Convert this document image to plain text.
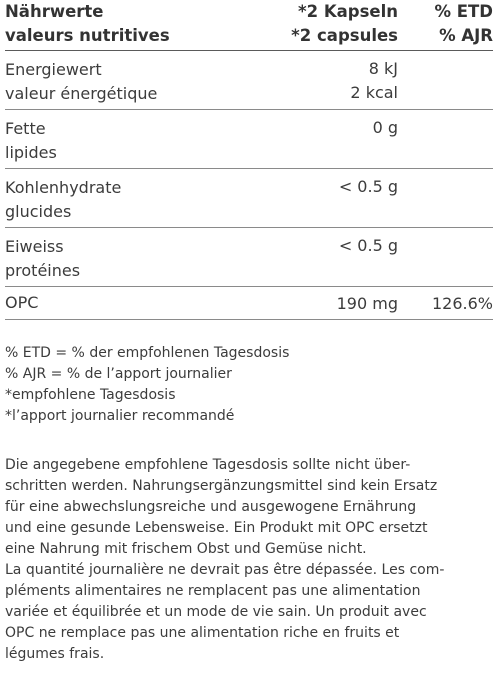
Nährwerte
valeurs nutritives
*2 Kapseln
*2 capsules
% ETD
% AJR
Energiewert
valeur énergétique
8 kJ
2 kcal
Fette
lipides
0 g
Kohlenhydrate
glucides
< 0.5 g
Eiweiss
protéines
< 0.5 g
OPC	190 mg 126.6%
% ETD = % der empfohlenen Tagesdosis
% AJR = % de l’apport journalier
*empfohlene Tagesdosis
*l’apport journalier recommandé
Die angegebene empfohlene Tagesdosis sollte nicht über-
schritten werden. Nahrungsergänzungsmittel sind kein Ersatz
für eine abwechslungsreiche und ausgewogene Ernährung
und eine gesunde Lebensweise. Ein Produkt mit OPC ersetzt
eine Nahrung mit frischem Obst und Gemüse nicht.
La quantité journalière ne devrait pas être dépassée. Les com-
pléments alimentaires ne remplacent pas une alimentation
variée et équilibrée et un mode de vie sain. Un produit avec
OPC ne remplace pas une alimentation riche en fruits et
légumes frais.
